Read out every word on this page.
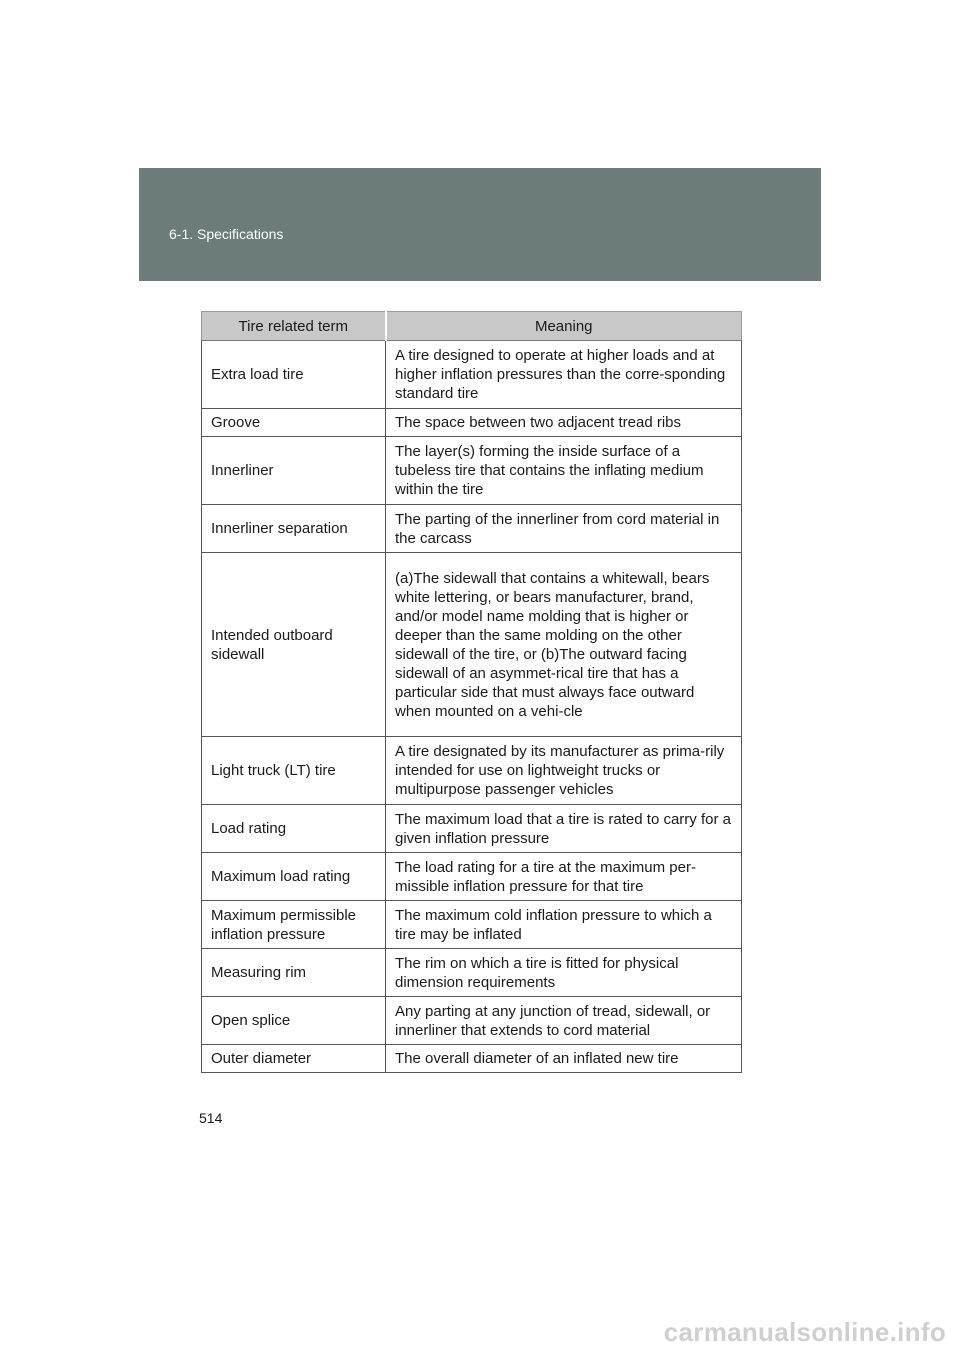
6-1. Specifications
Tire related term	Meaning
Extra load tire	A tire designed to operate at higher loads and at higher inflation pressures than the corre-sponding standard tire
Groove	The space between two adjacent tread ribs
Innerliner	The layer(s) forming the inside surface of a tubeless tire that contains the inflating medium within the tire
Innerliner separation	The parting of the innerliner from cord material in the carcass
Intended outboard sidewall	(a)The sidewall that contains a whitewall, bears white lettering, or bears manufacturer, brand, and/or model name molding that is higher or deeper than the same molding on the other sidewall of the tire, or (b)The outward facing sidewall of an asymmet-rical tire that has a particular side that must always face outward when mounted on a vehi-cle
Light truck (LT) tire	A tire designated by its manufacturer as prima-rily intended for use on lightweight trucks or multipurpose passenger vehicles
Load rating	The maximum load that a tire is rated to carry for a given inflation pressure
Maximum load rating	The load rating for a tire at the maximum per-missible inflation pressure for that tire
Maximum permissible inflation pressure	The maximum cold inflation pressure to which a tire may be inflated
Measuring rim	The rim on which a tire is fitted for physical dimension requirements
Open splice	Any parting at any junction of tread, sidewall, or innerliner that extends to cord material
Outer diameter	The overall diameter of an inflated new tire
514
carmanualsonline.info
